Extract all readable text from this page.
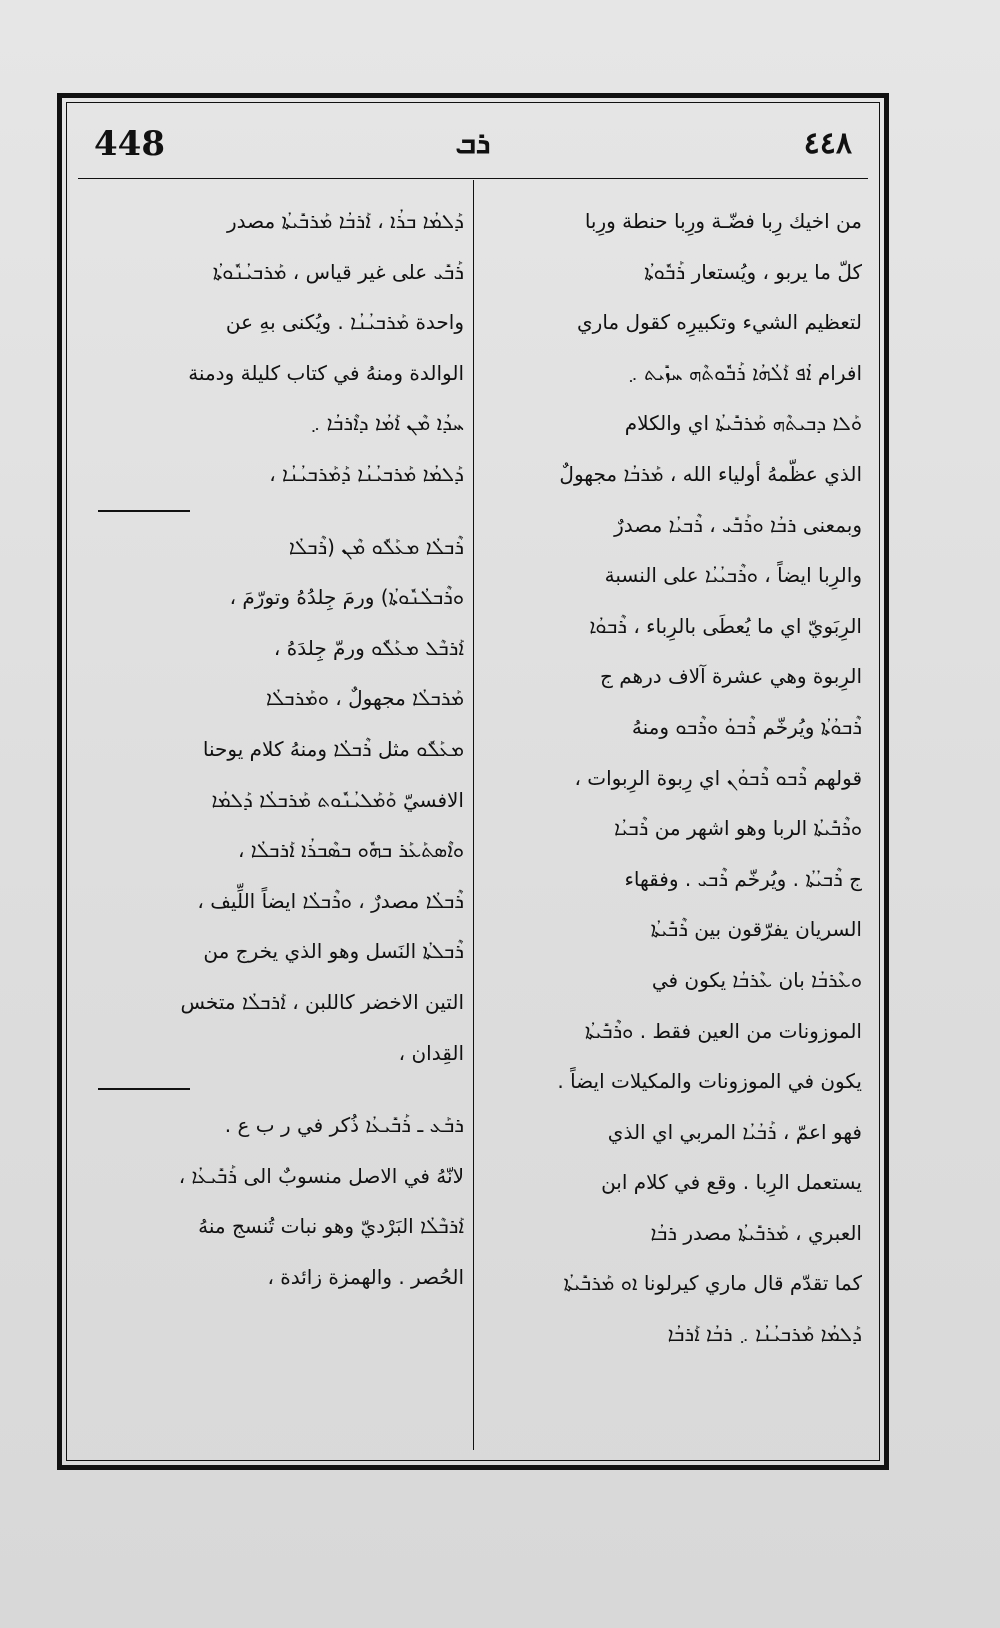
448	ܪܒ	٤٤٨
من اخيك رِبا فضّـة ورِبا حنطة ورِبا
كلّ ما يربو ، ويُستعار ܪܰܒܽܘܬܳܐ
لتعظيم الشيء وتكبيرِه كقول ماري
افرام ܐܳܦ ܐܰܠܳܗܳܐ ܪܰܒܽܘܬܶܗ ܚܙܺܝܬ ܇
ܘܰܠܐ ܕܒܝܬܶܗ ܡܰܪܒܺܝܬܳܐ اي والكلام
الذي عظّمهُ أولياء الله ، ܡܰܪܒܳܐ مجهولٌ
وبمعنى ܪܒܳܐ ܘܪܰܒܺܝ ، ܪܶܒܝܳܐ مصدرٌ
والرِبا ايضاً ، ܘܪܶܒܝܳܝܳܐ على النسبة
الرِبَويّ اي ما يُعطَى بالرِباء ، ܪܶܒܘܳܐ
الرِبوة وهي عشرة آلاف درهم ج
ܪܶܒܘܳܬܳܐ ويُرخّم ܪܶܒܘܳ ܘܪܶܒܘ ومنهُ
قولهم ܪܶܒܘ ܪܶܒܘܳܢ اي رِبوة الرِبوات ،
ܘܪܶܒܺܝܬܳܐ الربا وهو اشهر من ܪܶܒܝܳܐ
ج ܪܶܒܝܳܬܳܐ . ويُرخّم ܪܶܒܝ . وفقهاء
السريان يفرّقون بين ܪܶܒܺܝܬܳܐ
ܘܥܶܪܒܳܐ بان ܥܶܪܒܳܐ يكون في
الموزونات من العين فقط . ܘܪܶܒܺܝܬܳܐ
يكون في الموزونات والمكيلات ايضاً .
فهو اعمّ ، ܪܰܒܳܝܳܐ المربي اي الذي
يستعمل الرِبا . وقع في كلام ابن
العبري ، ܡܰܪܒܺܝܬܳܐ مصدر ܪܒܳܐ
كما تقدّم قال ماري كيرلونا ܐܘ ܡܰܪܒܺܝܬܳܐ
ܕܰܠܡܳܐ ܡܰܪܒܝܳܢܳܐ ܇ ܪܒܳܐ ܐܰܪܒܳܐ
ܕܰܠܡܳܐ ܒܪܳܐ ، ܐܰܪܒܳܐ ܡܰܪܒܺܝܬܳܐ مصدر
ܪܰܒܺܝ على غير قياس ، ܡܰܪܒܝܳܢܽܘܬܳܐ
واحدة ܡܰܪܒܝܳܢܳܐ . ويُكنى بهِ عن
الوالدة ومنهُ في كتاب كليلة ودمنة
ܚܕܳܐ ܡܶܢ ܐܰܡܳܐ ܕܐܶܪܒܳܐ ܇
ܕܰܠܡܳܐ ܡܰܪܒܝܳܢܳܐ ܕܰܡܰܪܒܝܳܢܳܐ ،
ܪܶܒܠܳܐ ܡܥܰܠܽܘ ܡܶܢ (ܪܶܒܠܳܐ
ܘܪܶܒܠܳܢܽܘܬܳܐ) ورمَ جِلدُهُ وتورّمَ ،
ܐܰܪܒܶܠ ܡܥܰܠܽܘ ورمّ جِلدَهُ ،
ܡܰܪܒܠܳܐ مجهولٌ ، ܘܡܰܪܒܠܳܐ
ܡܥܰܠܽܘ مثل ܪܶܒܠܳܐ ومنهُ كلام يوحنا
الافسيّ ܘܰܡܰܠܝܳܢܽܘܬ ܡܰܪܒܠܳܐ ܕܰܠܡܳܐ
ܘܐܶܣܬܰܥܰܪ ܒܗܽܘ ܒܣܶܒܪܳܐ ܐܰܪܒܠܳܐ ،
ܪܶܒܠܳܐ مصدرٌ ، ܘܪܶܒܠܳܐ ايضاً اللِّيف ،
ܪܶܒܠܬܳܐ النَسل وهو الذي يخرج من
التين الاخضر كاللبن ، ܐܰܪܒܠܳܐ متخس
القِدان ،
ܪܒܰܥ ـ ܪܰܒܺܝܥܳܐ ذُكر في ر ب ع .
لانّهُ في الاصل منسوبٌ الى ܪܰܒܺܝܥܳܐ ،
ܐܰܪܒܶܠܳܐ البَرْديّ وهو نبات تُنسج منهُ
الحُصر . والهمزة زائدة ،
